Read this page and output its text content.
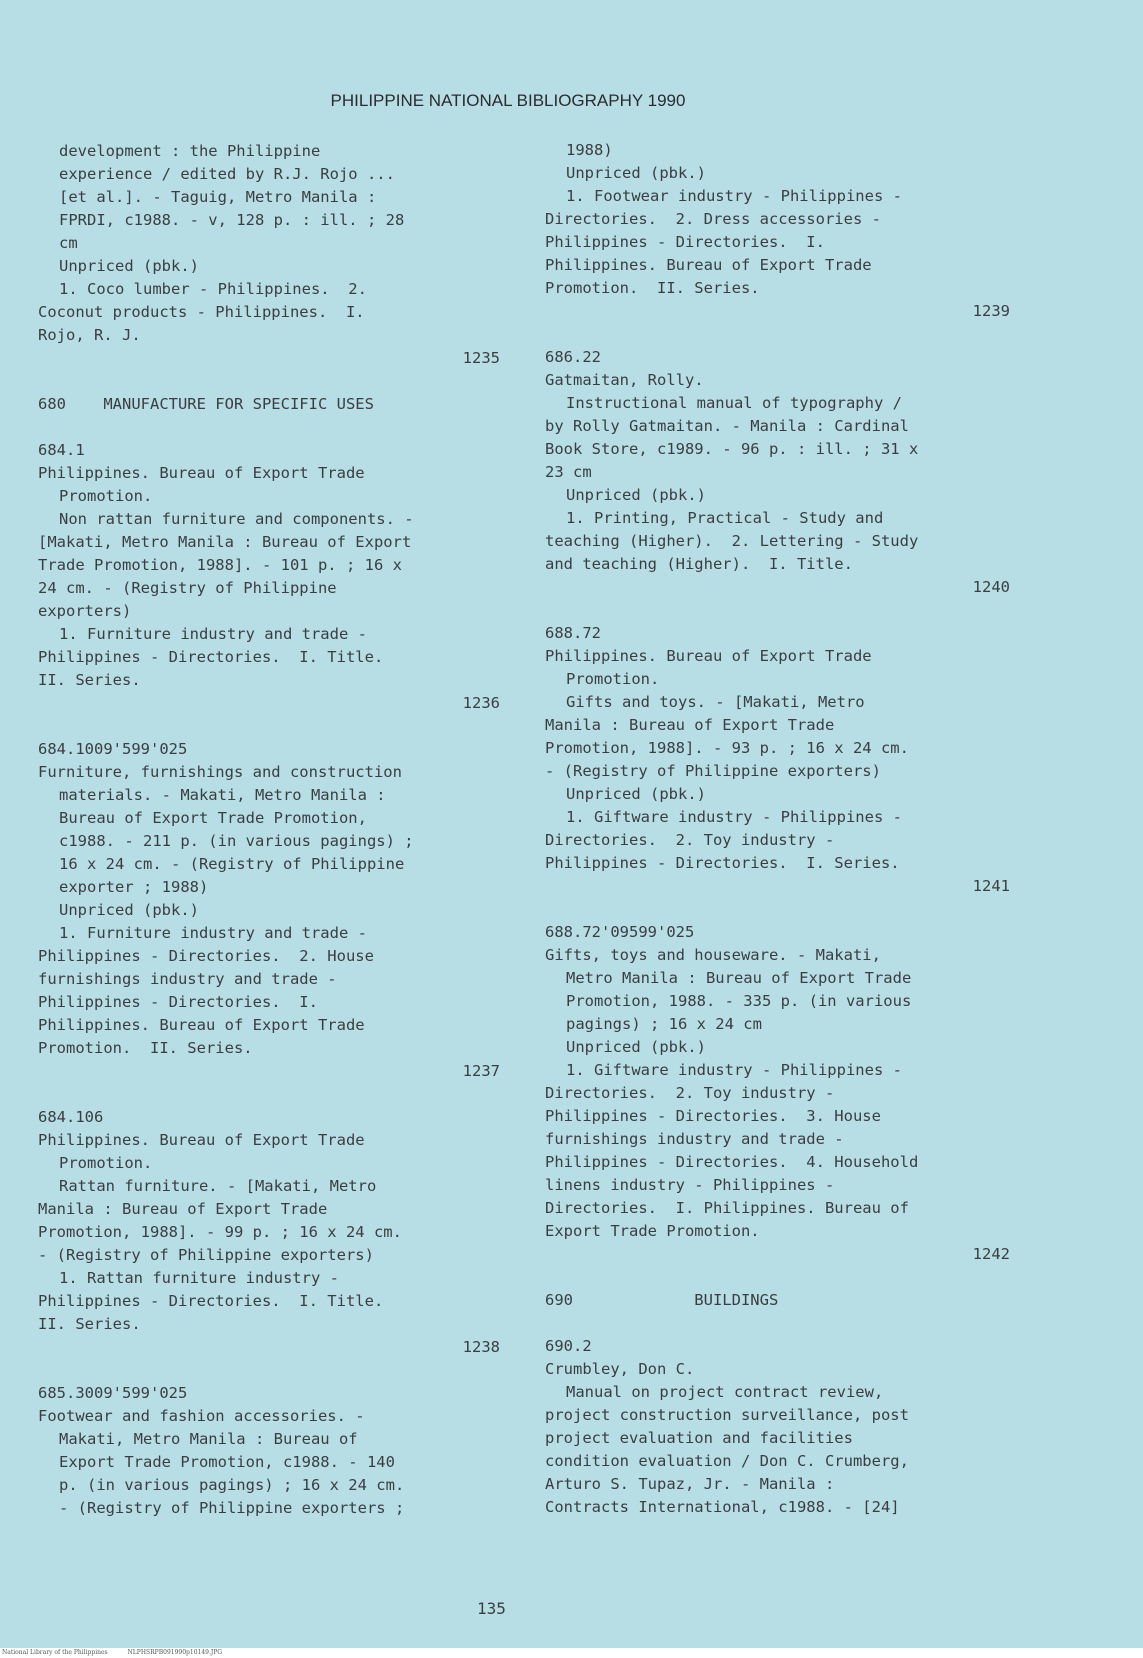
PHILIPPINE NATIONAL BIBLIOGRAPHY 1990
development : the Philippine
experience / edited by R.J. Rojo ...
[et al.]. - Taguig, Metro Manila :
FPRDI, c1988. - v, 128 p. : ill. ; 28
cm
Unpriced (pbk.)
1. Coco lumber - Philippines.  2.
Coconut products - Philippines.  I.
Rojo, R. J.
1235
680    MANUFACTURE FOR SPECIFIC USES
684.1
Philippines. Bureau of Export Trade
Promotion.
Non rattan furniture and components. -
[Makati, Metro Manila : Bureau of Export
Trade Promotion, 1988]. - 101 p. ; 16 x
24 cm. - (Registry of Philippine
exporters)
1. Furniture industry and trade -
Philippines - Directories.  I. Title.
II. Series.
1236
684.1009'599'025
Furniture, furnishings and construction
materials. - Makati, Metro Manila :
Bureau of Export Trade Promotion,
c1988. - 211 p. (in various pagings) ;
16 x 24 cm. - (Registry of Philippine
exporter ; 1988)
Unpriced (pbk.)
1. Furniture industry and trade -
Philippines - Directories.  2. House
furnishings industry and trade -
Philippines - Directories.  I.
Philippines. Bureau of Export Trade
Promotion.  II. Series.
1237
684.106
Philippines. Bureau of Export Trade
Promotion.
Rattan furniture. - [Makati, Metro
Manila : Bureau of Export Trade
Promotion, 1988]. - 99 p. ; 16 x 24 cm.
- (Registry of Philippine exporters)
1. Rattan furniture industry -
Philippines - Directories.  I. Title.
II. Series.
1238
685.3009'599'025
Footwear and fashion accessories. -
Makati, Metro Manila : Bureau of
Export Trade Promotion, c1988. - 140
p. (in various pagings) ; 16 x 24 cm.
- (Registry of Philippine exporters ;
1988)
Unpriced (pbk.)
1. Footwear industry - Philippines -
Directories.  2. Dress accessories -
Philippines - Directories.  I.
Philippines. Bureau of Export Trade
Promotion.  II. Series.
1239
686.22
Gatmaitan, Rolly.
Instructional manual of typography /
by Rolly Gatmaitan. - Manila : Cardinal
Book Store, c1989. - 96 p. : ill. ; 31 x
23 cm
Unpriced (pbk.)
1. Printing, Practical - Study and
teaching (Higher).  2. Lettering - Study
and teaching (Higher).  I. Title.
1240
688.72
Philippines. Bureau of Export Trade
Promotion.
Gifts and toys. - [Makati, Metro
Manila : Bureau of Export Trade
Promotion, 1988]. - 93 p. ; 16 x 24 cm.
- (Registry of Philippine exporters)
Unpriced (pbk.)
1. Giftware industry - Philippines -
Directories.  2. Toy industry -
Philippines - Directories.  I. Series.
1241
688.72'09599'025
Gifts, toys and houseware. - Makati,
Metro Manila : Bureau of Export Trade
Promotion, 1988. - 335 p. (in various
pagings) ; 16 x 24 cm
Unpriced (pbk.)
1. Giftware industry - Philippines -
Directories.  2. Toy industry -
Philippines - Directories.  3. House
furnishings industry and trade -
Philippines - Directories.  4. Household
linens industry - Philippines -
Directories.  I. Philippines. Bureau of
Export Trade Promotion.
1242
690             BUILDINGS
690.2
Crumbley, Don C.
Manual on project contract review,
project construction surveillance, post
project evaluation and facilities
condition evaluation / Don C. Crumberg,
Arturo S. Tupaz, Jr. - Manila :
Contracts International, c1988. - [24]
135
National Library of the Philippines	NLPHSRPB091990p10149.JPG
